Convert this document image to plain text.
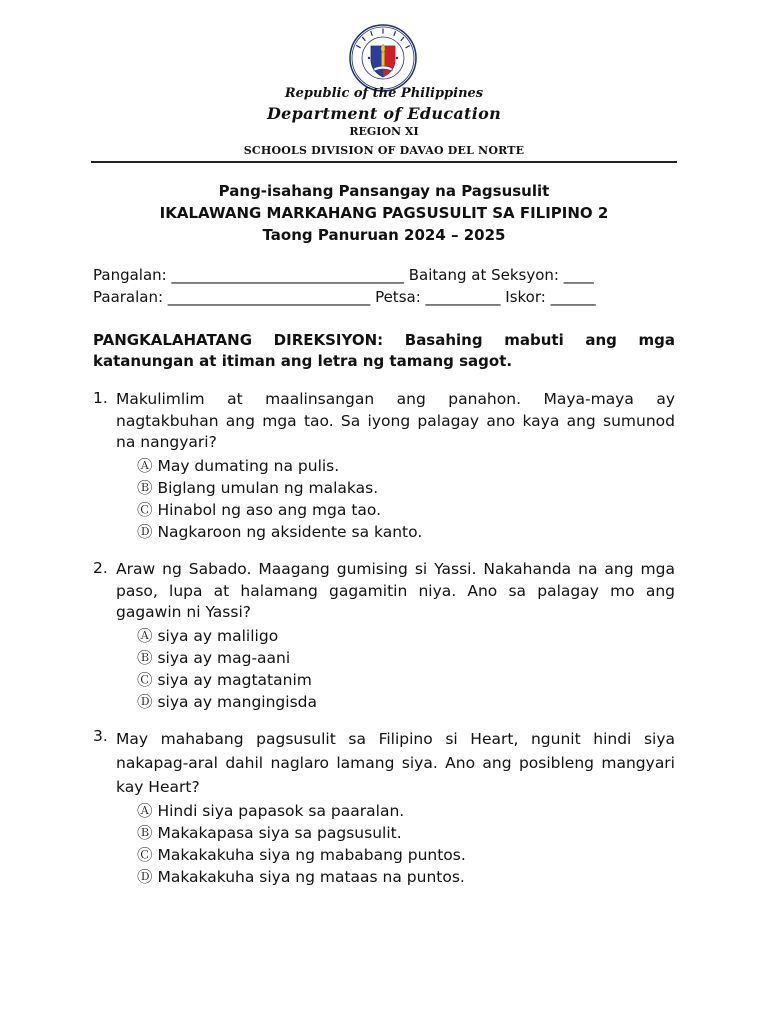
Republic of the Philippines
Department of Education
REGION XI
SCHOOLS DIVISION OF DAVAO DEL NORTE
Pang-isahang Pansangay na Pagsusulit
IKALAWANG MARKAHANG PAGSUSULIT SA FILIPINO 2
Taong Panuruan 2024 – 2025
Pangalan: _______________________________ Baitang at Seksyon: ____
Paaralan: ___________________________ Petsa: __________ Iskor: ______
PANGKALAHATANG DIREKSIYON: Basahing mabuti ang mga katanungan at itiman ang letra ng tamang sagot.
1. Makulimlim at maalinsangan ang panahon. Maya-maya ay nagtakbuhan ang mga tao. Sa iyong palagay ano kaya ang sumunod na nangyari?
Ⓐ May dumating na pulis.
Ⓑ Biglang umulan ng malakas.
Ⓒ Hinabol ng aso ang mga tao.
Ⓓ Nagkaroon ng aksidente sa kanto.
2. Araw ng Sabado. Maagang gumising si Yassi. Nakahanda na ang mga paso, lupa at halamang gagamitin niya. Ano sa palagay mo ang gagawin ni Yassi?
Ⓐ siya ay maliligo
Ⓑ siya ay mag-aani
Ⓒ siya ay magtatanim
Ⓓ siya ay mangingisda
3. May mahabang pagsusulit sa Filipino si Heart, ngunit hindi siya nakapag-aral dahil naglaro lamang siya. Ano ang posibleng mangyari kay Heart?
Ⓐ Hindi siya papasok sa paaralan.
Ⓑ Makakapasa siya sa pagsusulit.
Ⓒ Makakakuha siya ng mababang puntos.
Ⓓ Makakakuha siya ng mataas na puntos.
